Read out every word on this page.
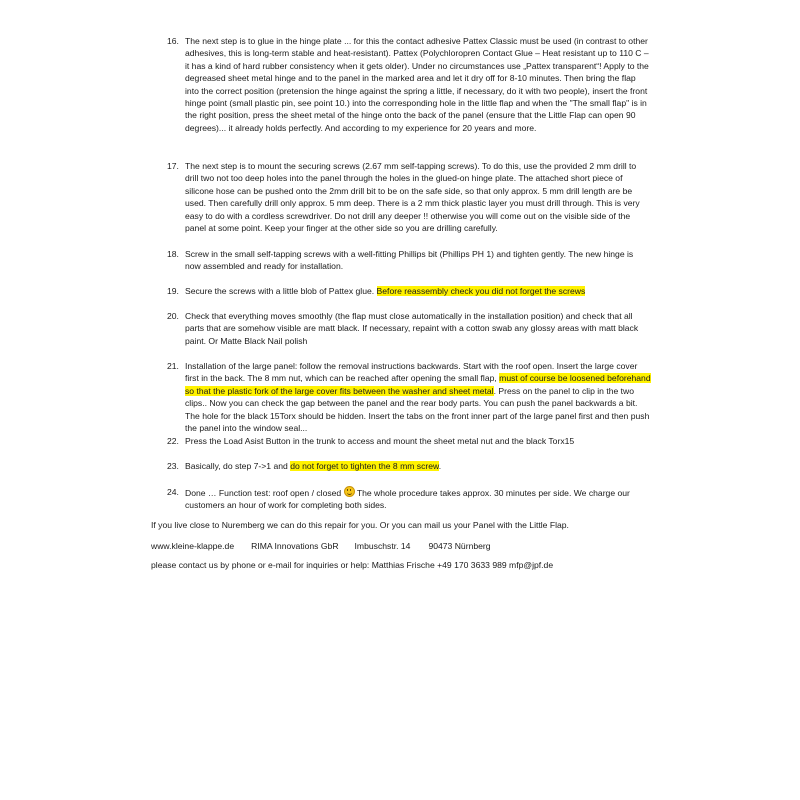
16. The next step is to glue in the hinge plate ... for this the contact adhesive Pattex Classic must be used (in contrast to other adhesives, this is long-term stable and heat-resistant). Pattex (Polychloropren Contact Glue – Heat resistant up to 110 C – it has a kind of hard rubber consistency when it gets older). Under no circumstances use „Pattex transparent“! Apply to the degreased sheet metal hinge and to the panel in the marked area and let it dry off for 8-10 minutes. Then bring the flap into the correct position (pretension the hinge against the spring a little, if necessary, do it with two people), insert the front hinge point (small plastic pin, see point 10.) into the corresponding hole in the little flap and when the "The small flap" is in the right position, press the sheet metal of the hinge onto the back of the panel (ensure that the Little Flap can open 90 degrees)... it already holds perfectly. And according to my experience for 20 years and more.
17. The next step is to mount the securing screws (2.67 mm self-tapping screws). To do this, use the provided 2 mm drill to drill two not too deep holes into the panel through the holes in the glued-on hinge plate. The attached short piece of silicone hose can be pushed onto the 2mm drill bit to be on the safe side, so that only approx. 5 mm drill length are be used. Then carefully drill only approx. 5 mm deep. There is a 2 mm thick plastic layer you must drill through. This is very easy to do with a cordless screwdriver. Do not drill any deeper !! otherwise you will come out on the visible side of the panel at some point. Keep your finger at the other side so you are drilling carefully.
18. Screw in the small self-tapping screws with a well-fitting Phillips bit (Phillips PH 1) and tighten gently. The new hinge is now assembled and ready for installation.
19. Secure the screws with a little blob of Pattex glue. Before reassembly check you did not forget the screws
20. Check that everything moves smoothly (the flap must close automatically in the installation position) and check that all parts that are somehow visible are matt black. If necessary, repaint with a cotton swab any glossy areas with matt black paint. Or Matte Black Nail polish
21. Installation of the large panel: follow the removal instructions backwards. Start with the roof open. Insert the large cover first in the back. The 8 mm nut, which can be reached after opening the small flap, must of course be loosened beforehand so that the plastic fork of the large cover fits between the washer and sheet metal. Press on the panel to clip in the two clips.. Now you can check the gap between the panel and the rear body parts. You can push the panel backwards a bit. The hole for the black 15Torx should be hidden. Insert the tabs on the front inner part of the large panel first and then push the panel into the window seal...
22. Press the Load Asist Button in the trunk to access and mount the sheet metal nut and the black Torx15
23. Basically, do step 7->1 and do not forget to tighten the 8 mm screw.
24. Done … Function test: roof open / closed  The whole procedure takes approx. 30 minutes per side. We charge our customers an hour of work for completing both sides.
If you live close to Nuremberg we can do this repair for you. Or you can mail us your Panel with the Little Flap.
www.kleine-klappe.de RIMA Innovations GbR Imbuschstr. 14 90473 Nürnberg
please contact us by phone or e-mail for inquiries or help: Matthias Frische +49 170 3633 989 mfp@jpf.de
